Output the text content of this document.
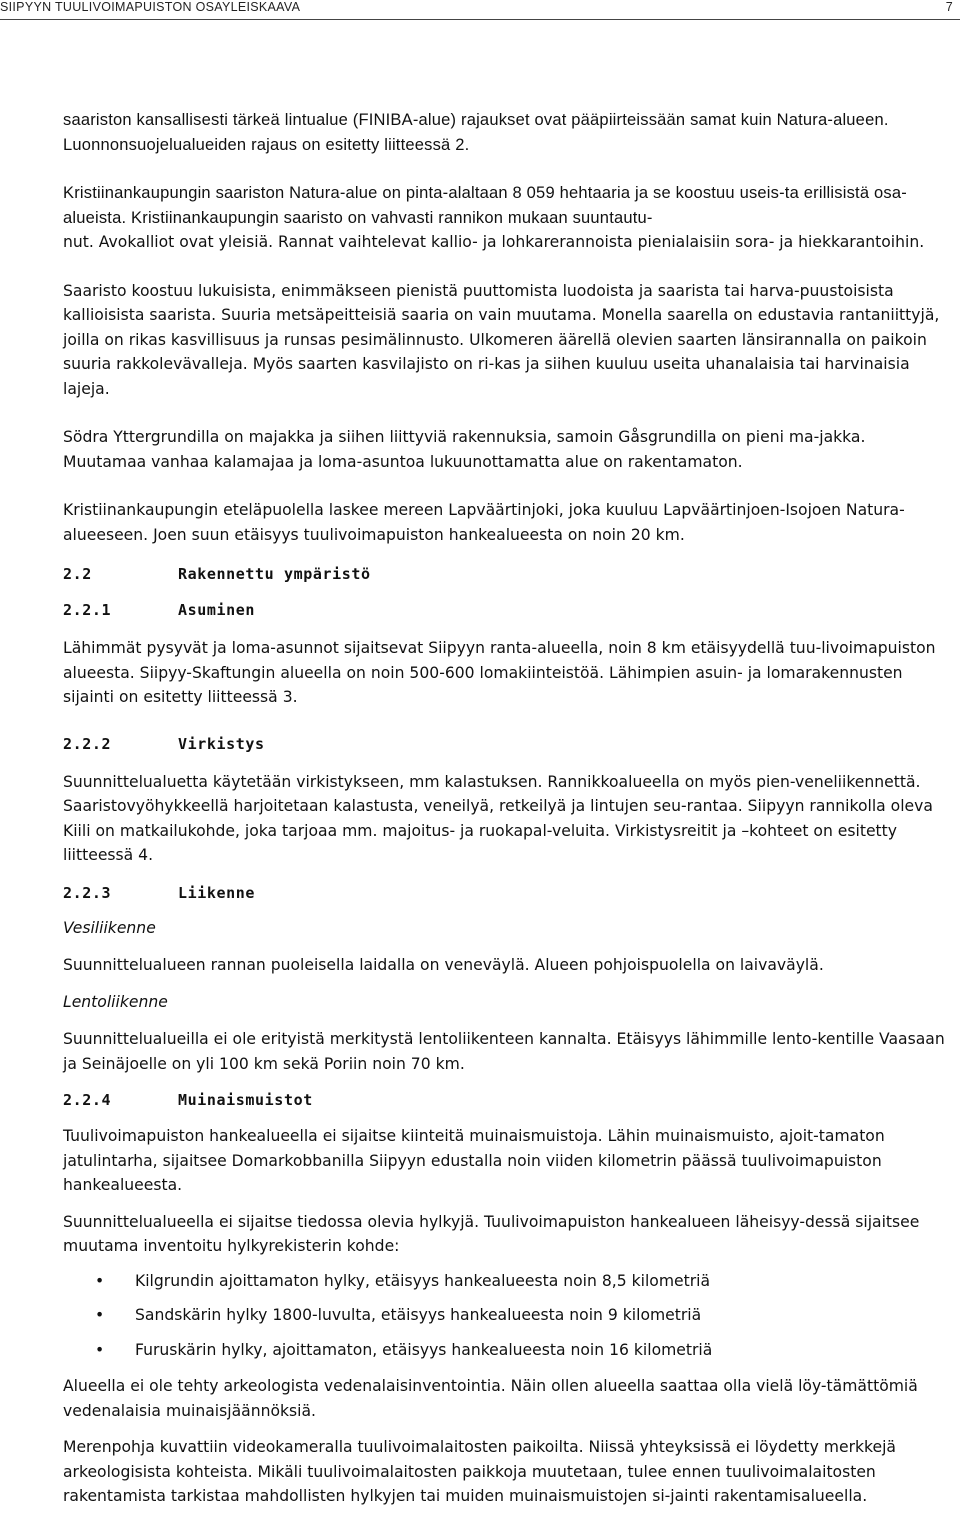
SIIPYYN TUULIVOIMAPUISTON OSAYLEISKAAVA	7

saariston kansallisesti tärkeä lintualue (FINIBA-alue) rajaukset ovat pääpiirteissään samat kuin Natura-alueen. Luonnonsuojelualueiden rajaus on esitetty liitteessä 2.

Kristiinankaupungin saariston Natura-alue on pinta-alaltaan 8 059 hehtaaria ja se koostuu useis-ta erillisistä osa-alueista. Kristiinankaupungin saaristo on vahvasti rannikon mukaan suuntautu-

nut. Avokalliot ovat yleisiä. Rannat vaihtelevat kallio- ja lohkarerannoista pienialaisiin sora- ja hiekkarantoihin.

Saaristo koostuu lukuisista, enimmäkseen pienistä puuttomista luodoista ja saarista tai harva-puustoisista kallioisista saarista. Suuria metsäpeitteisiä saaria on vain muutama. Monella saarella on edustavia rantaniittyjä, joilla on rikas kasvillisuus ja runsas pesimälinnusto. Ulkomeren äärellä olevien saarten länsirannalla on paikoin suuria rakkolevävalleja. Myös saarten kasvilajisto on ri-kas ja siihen kuuluu useita uhanalaisia tai harvinaisia lajeja.

Södra Yttergrundilla on majakka ja siihen liittyviä rakennuksia, samoin Gåsgrundilla on pieni ma-jakka. Muutamaa vanhaa kalamajaa ja loma-asuntoa lukuunottamatta alue on rakentamaton.

Kristiinankaupungin eteläpuolella laskee mereen Lapväärtinjoki, joka kuuluu Lapväärtinjoen-Isojoen Natura-alueeseen. Joen suun etäisyys tuulivoimapuiston hankealueesta on noin 20 km.

2.2	Rakennettu ympäristö
2.2.1	Asuminen

Lähimmät pysyvät ja loma-asunnot sijaitsevat Siipyyn ranta-alueella, noin 8 km etäisyydellä tuu-livoimapuiston alueesta. Siipyy-Skaftungin alueella on noin 500-600 lomakiinteistöä. Lähimpien asuin- ja lomarakennusten sijainti on esitetty liitteessä 3.

2.2.2	Virkistys

Suunnittelualuetta käytetään virkistykseen, mm kalastuksen. Rannikkoalueella on myös pien-veneliikennettä. Saaristovyöhykkeellä harjoitetaan kalastusta, veneilyä, retkeilyä ja lintujen seu-rantaa. Siipyyn rannikolla oleva Kiili on matkailukohde, joka tarjoaa mm. majoitus- ja ruokapal-veluita. Virkistysreitit ja –kohteet on esitetty liitteessä 4.

2.2.3	Liikenne

Vesiliikenne

Suunnittelualueen rannan puoleisella laidalla on veneväylä. Alueen pohjoispuolella on laivaväylä.

Lentoliikenne

Suunnittelualueilla ei ole erityistä merkitystä lentoliikenteen kannalta. Etäisyys lähimmille lento-kentille Vaasaan ja Seinäjoelle on yli 100 km sekä Poriin noin 70 km.

2.2.4	Muinaismuistot

Tuulivoimapuiston hankealueella ei sijaitse kiinteitä muinaismuistoja. Lähin muinaismuisto, ajoit-tamaton jatulintarha, sijaitsee Domarkobbanilla Siipyyn edustalla noin viiden kilometrin päässä tuulivoimapuiston hankealueesta.

Suunnittelualueella ei sijaitse tiedossa olevia hylkyjä. Tuulivoimapuiston hankealueen läheisyy-dessä sijaitsee muutama inventoitu hylkyrekisterin kohde:

• Kilgrundin ajoittamaton hylky, etäisyys hankealueesta noin 8,5 kilometriä
• Sandskärin hylky 1800-luvulta, etäisyys hankealueesta noin 9 kilometriä
• Furuskärin hylky, ajoittamaton, etäisyys hankealueesta noin 16 kilometriä

Alueella ei ole tehty arkeologista vedenalaisinventointia. Näin ollen alueella saattaa olla vielä löy-tämättömiä vedenalaisia muinaisjäännöksiä.

Merenpohja kuvattiin videokameralla tuulivoimalaitosten paikoilta. Niissä yhteyksissä ei löydetty merkkejä arkeologisista kohteista. Mikäli tuulivoimalaitosten paikkoja muutetaan, tulee ennen tuulivoimalaitosten rakentamista tarkistaa mahdollisten hylkyjen tai muiden muinaismuistojen si-jainti rakentamisalueella.
